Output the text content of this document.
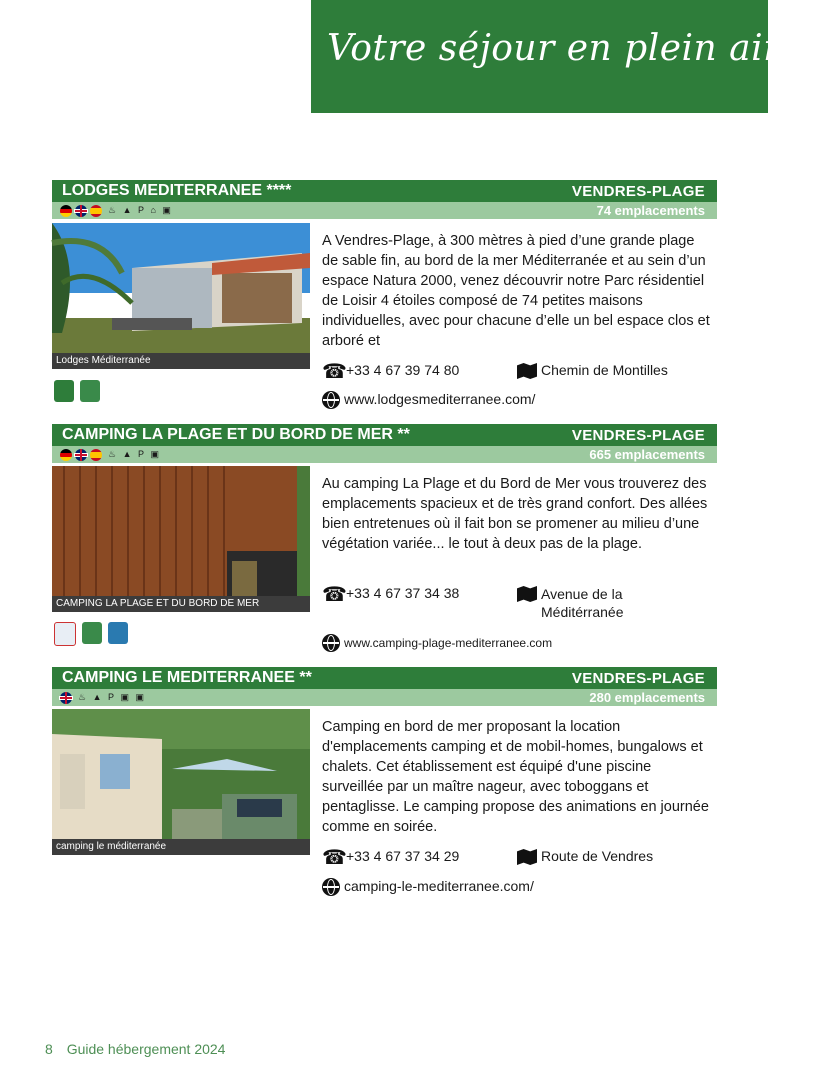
Votre séjour en plein air ...
LODGES MEDITERRANEE ****	VENDRES-PLAGE
♨ ▲ P ⌂ ▣	74 emplacements
Lodges Méditerranée
A Vendres-Plage, à 300 mètres à pied d’une grande plage de sable fin, au bord de la mer Méditerranée et au sein d’un espace Natura 2000, venez découvrir notre Parc résidentiel de Loisir 4 étoiles composé de 74 petites maisons individuelles, avec pour chacune d’elle un bel espace clos et arboré et
☎
+33 4 67 39 74 80	Chemin de Montilles
www.lodgesmediterranee.com/
CAMPING LA PLAGE ET DU BORD DE MER **	VENDRES-PLAGE
♨ ▲ P ▣	665 emplacements
CAMPING LA PLAGE ET DU BORD DE MER
Au camping La Plage et du Bord de Mer vous trouverez des emplacements spacieux et de très grand confort. Des allées bien entretenues où il fait bon se promener au milieu d’une végétation variée... le tout à deux pas de la plage.
☎
+33 4 67 37 34 38	Avenue de la Méditérranée
www.camping-plage-mediterranee.com
CAMPING LE MEDITERRANEE **	VENDRES-PLAGE
♨ ▲ P ▣ ▣	280 emplacements
camping le méditerranée
Camping en bord de mer proposant la location d'emplacements camping et de mobil-homes, bungalows et chalets. Cet établissement est équipé d'une piscine surveillée par un maître nageur, avec toboggans et pentaglisse. Le camping propose des animations en journée comme en soirée.
☎
+33 4 67 37 34 29	Route de Vendres
camping-le-mediterranee.com/
8 Guide hébergement 2024
